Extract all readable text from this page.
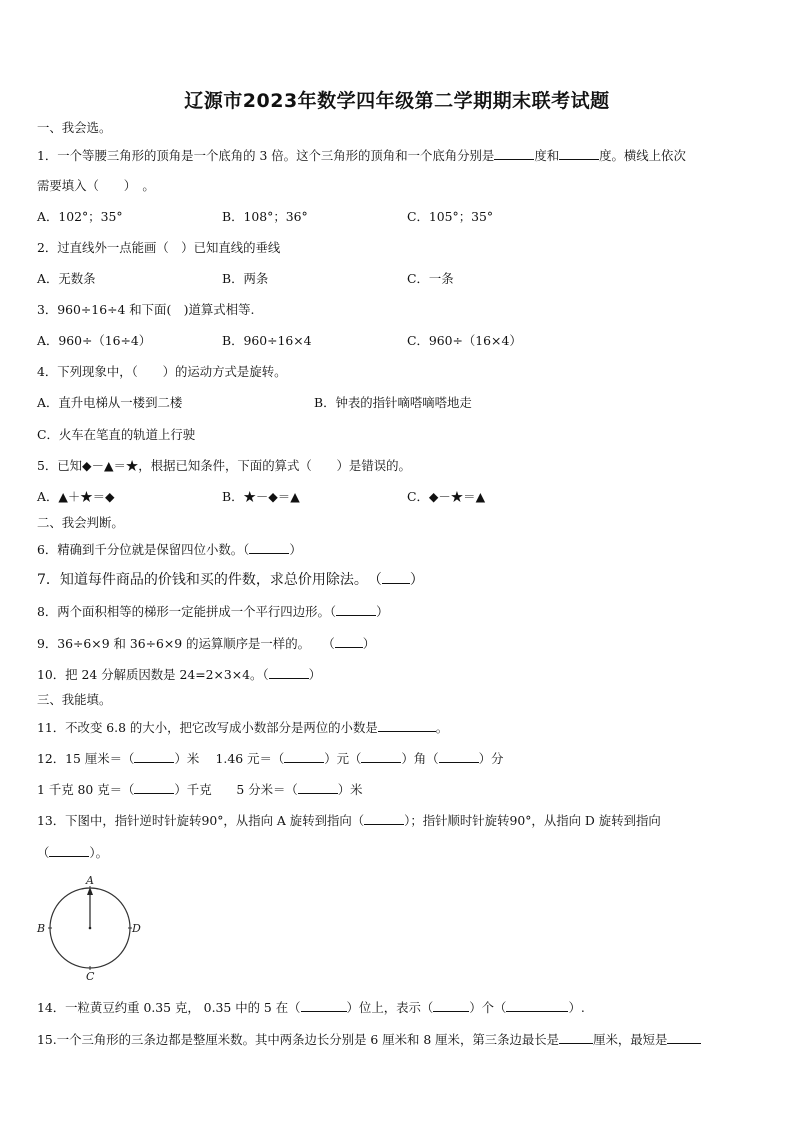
辽源市2023年数学四年级第二学期期末联考试题
一、我会选。
1．一个等腰三角形的顶角是一个底角的 3 倍。这个三角形的顶角和一个底角分别是	度和	度。横线上依次
需要填入（　　）　。
A．102°；35°	B．108°；36°	C．105°；35°
2．过直线外一点能画（　）已知直线的垂线
A．无数条	B．两条	C．一条
3．960÷16÷4 和下面(　)道算式相等.
A．960÷（16÷4）	B．960÷16×4	C．960÷（16×4）
4．下列现象中，（　　）的运动方式是旋转。
A．直升电梯从一楼到二楼	B．钟表的指针嘀嗒嘀嗒地走
C．火车在笔直的轨道上行驶
5．已知◆－▲＝★，根据已知条件，下面的算式（　　）是错误的。
A．▲＋★＝◆	B．★－◆＝▲	C．◆－★＝▲
二、我会判断。
6．精确到千分位就是保留四位小数。（	）
7．知道每件商品的价钱和买的件数，求总价用除法。　（ ）
8．两个面积相等的梯形一定能拼成一个平行四边形。（	）
9．36÷6×9 和 36÷6×9 的运算顺序是一样的。　　（ ）
10．把 24 分解质因数是 24=2×3×4。（	）
三、我能填。
11．不改变 6.8 的大小，把它改写成小数部分是两位的小数是	。
12．15 厘米＝（	）米　 1.46 元＝（	）元（	）角（	）分
1 千克 80 克＝（	）千克　　5 分米＝（	）米
13．下图中，指针逆时针旋转90°，从指向 A 旋转到指向（	）；指针顺时针旋转90°，从指向 D 旋转到指向
（	）。
A
C
B	D
14．一粒黄豆约重 0.35 克， 0.35 中的 5 在（	）位上，表示（	）个（	）.
15.一个三角形的三条边都是整厘米数。其中两条边长分别是 6 厘米和 8 厘米，第三条边最长是	厘米，最短是
